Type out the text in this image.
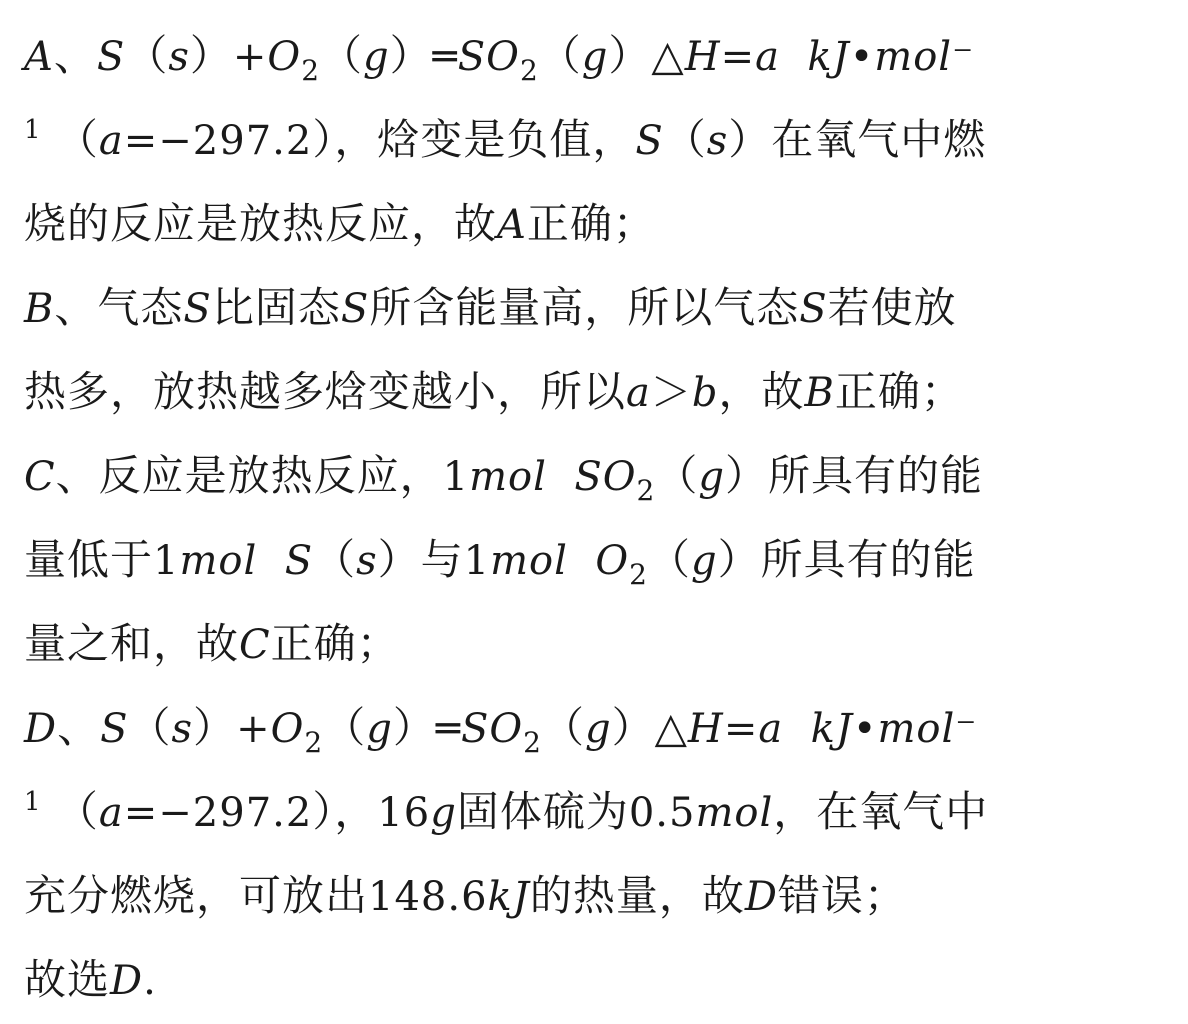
A、$S(s)+O_2(g)═SO_2(g)\triangle H=a$  kJ•mol⁻
$^1$ （a=−297.2），焓变是负值，S（s）在氧气中燃
烧的反应是放热反应，故A正确；
B、气态S比固态S所含能量高，所以气态S若使放
热多，放热越多焓变越小，所以a＞b，故B正确；
C、反应是放热反应，1mol  $SO_2(g)$所具有的能
量低于1mol  S（s）与1mol  $O_2(g)$所具有的能
量之和，故C正确；
D、$S(s)+O_2(g)═SO_2(g)\triangle H=a$  kJ•mol⁻
$^1$ （a=−297.2），16g固体硫为0.5mol，在氧气中
充分燃烧，可放出148.6kJ的热量，故D错误；
故选D.
